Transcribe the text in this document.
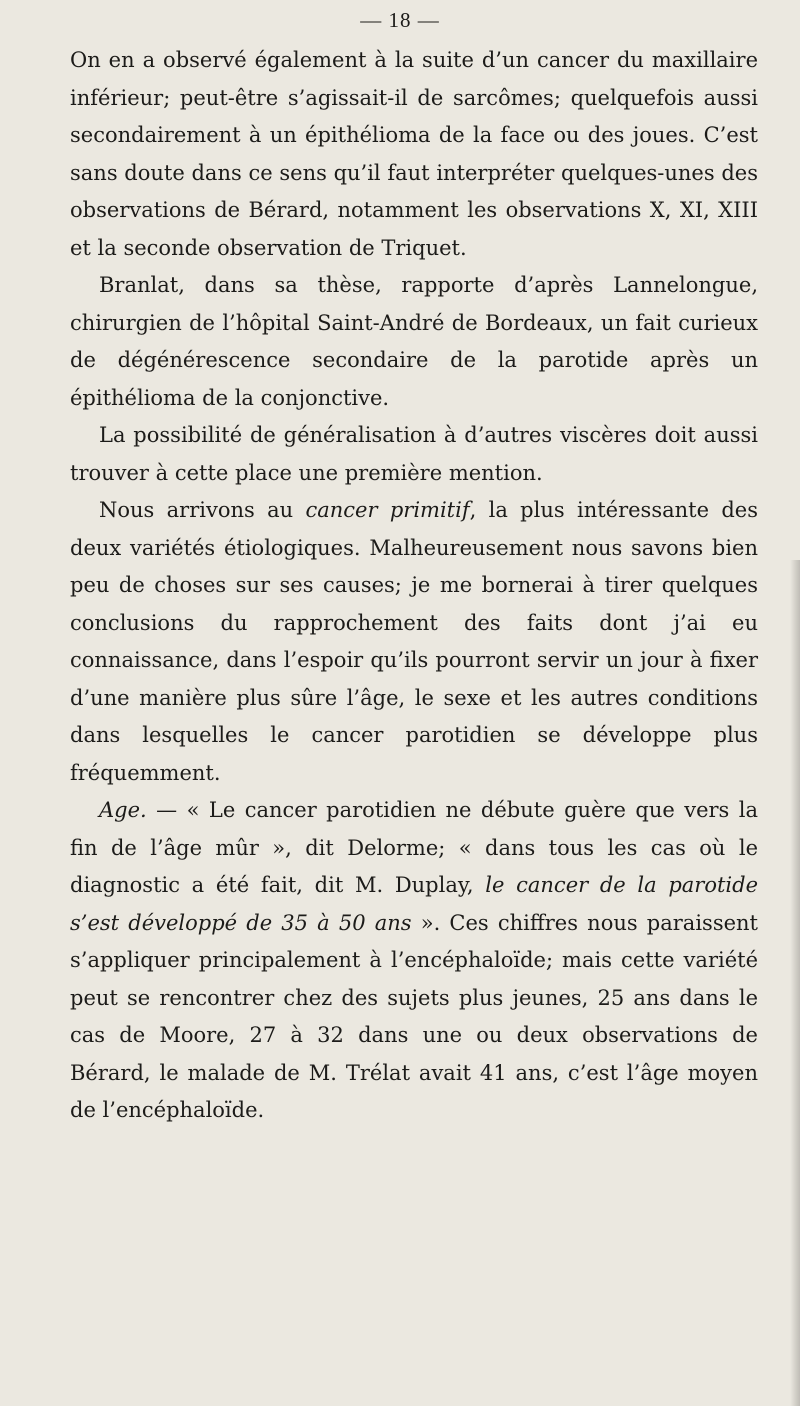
— 18 —

On en a observé également à la suite d’un cancer du maxillaire inférieur; peut-être s’agissait-il de sarcômes; quelquefois aussi secondairement à un épithélioma de la face ou des joues. C’est sans doute dans ce sens qu’il faut interpréter quelques-unes des observations de Bérard, notamment les observations X, XI, XIII et la seconde observation de Triquet.

Branlat, dans sa thèse, rapporte d’après Lannelongue, chirurgien de l’hôpital Saint-André de Bordeaux, un fait curieux de dégénérescence secondaire de la parotide après un épithélioma de la conjonctive.

La possibilité de généralisation à d’autres viscères doit aussi trouver à cette place une première mention.

Nous arrivons au cancer primitif, la plus intéressante des deux variétés étiologiques. Malheureusement nous savons bien peu de choses sur ses causes; je me bornerai à tirer quelques conclusions du rapprochement des faits dont j’ai eu connaissance, dans l’espoir qu’ils pourront servir un jour à fixer d’une manière plus sûre l’âge, le sexe et les autres conditions dans lesquelles le cancer parotidien se développe plus fréquemment.

Age. — « Le cancer parotidien ne débute guère que vers la fin de l’âge mûr », dit Delorme; « dans tous les cas où le diagnostic a été fait, dit M. Duplay, le cancer de la parotide s’est développé de 35 à 50 ans ». Ces chiffres nous paraissent s’appliquer principalement à l’encéphaloïde; mais cette variété peut se rencontrer chez des sujets plus jeunes, 25 ans dans le cas de Moore, 27 à 32 dans une ou deux observations de Bérard, le malade de M. Trélat avait 41 ans, c’est l’âge moyen de l’encéphaloïde.
